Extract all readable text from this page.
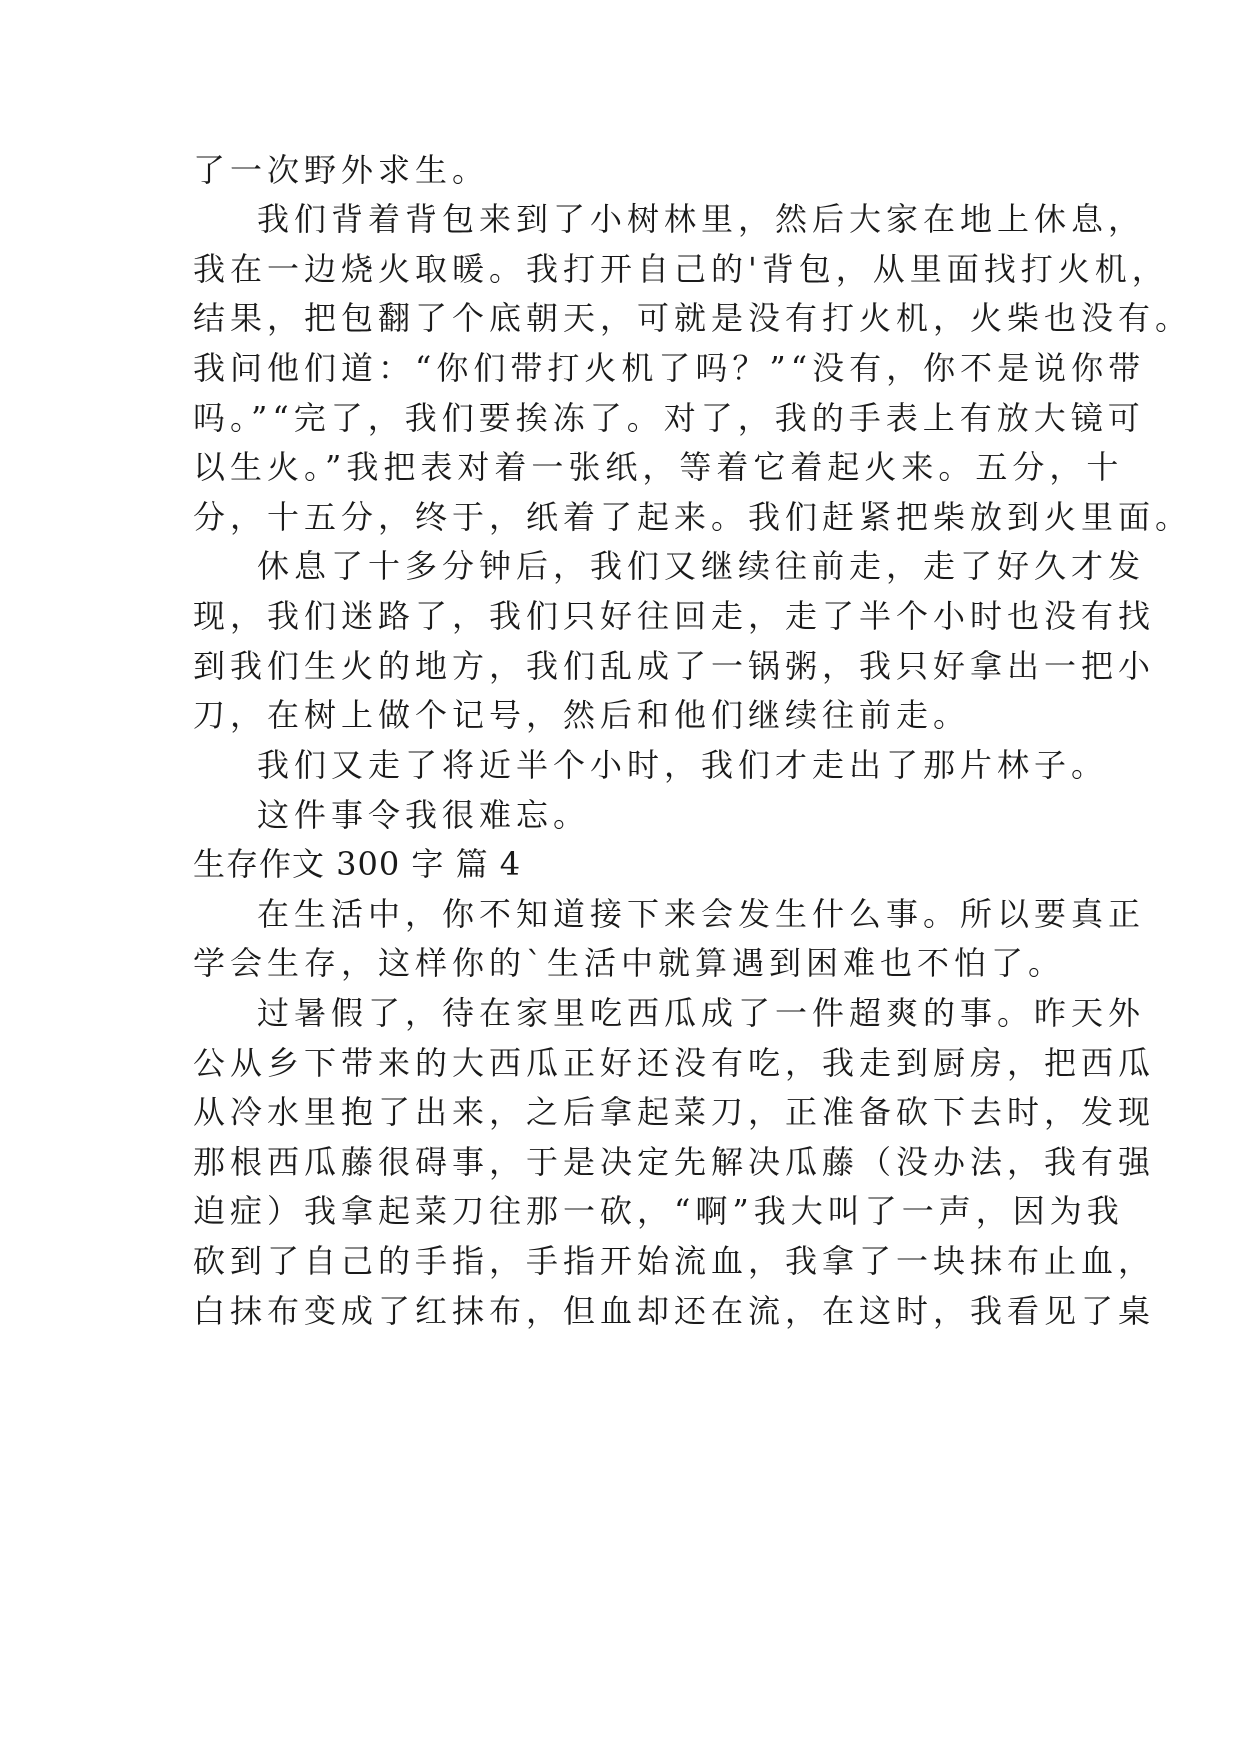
了一次野外求生。
我们背着背包来到了小树林里，然后大家在地上休息，
我在一边烧火取暖。我打开自己的'背包，从里面找打火机，
结果，把包翻了个底朝天，可就是没有打火机，火柴也没有。
我问他们道：“你们带打火机了吗？”“没有，你不是说你带
吗。”“完了，我们要挨冻了。对了，我的手表上有放大镜可
以生火。”我把表对着一张纸，等着它着起火来。五分，十
分，十五分，终于，纸着了起来。我们赶紧把柴放到火里面。
休息了十多分钟后，我们又继续往前走，走了好久才发
现，我们迷路了，我们只好往回走，走了半个小时也没有找
到我们生火的地方，我们乱成了一锅粥，我只好拿出一把小
刀，在树上做个记号，然后和他们继续往前走。
我们又走了将近半个小时，我们才走出了那片林子。
这件事令我很难忘。
生存作文 300 字 篇 4
在生活中，你不知道接下来会发生什么事。所以要真正
学会生存，这样你的`生活中就算遇到困难也不怕了。
过暑假了，待在家里吃西瓜成了一件超爽的事。昨天外
公从乡下带来的大西瓜正好还没有吃，我走到厨房，把西瓜
从冷水里抱了出来，之后拿起菜刀，正准备砍下去时，发现
那根西瓜藤很碍事，于是决定先解决瓜藤（没办法，我有强
迫症）我拿起菜刀往那一砍，“啊”我大叫了一声，因为我
砍到了自己的手指，手指开始流血，我拿了一块抹布止血，
白抹布变成了红抹布，但血却还在流，在这时，我看见了桌
